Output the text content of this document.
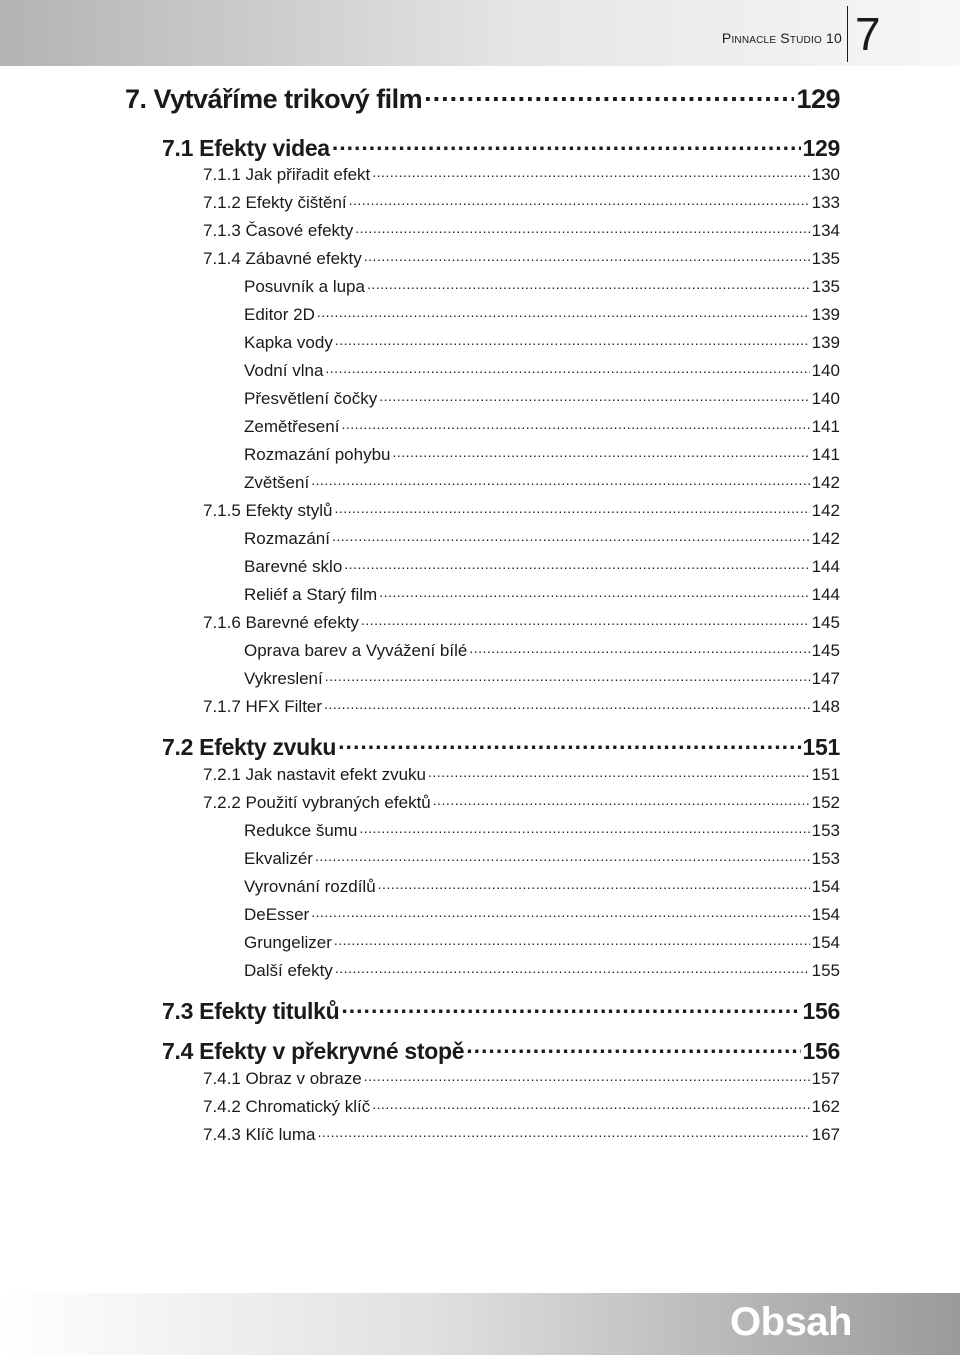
Pinnacle Studio 10 7
7. Vytváříme trikový film .....	129
7.1 Efekty videa .....	129
7.1.1 Jak přiřadit efekt .....	130
7.1.2 Efekty čištění .....	133
7.1.3 Časové efekty .....	134
7.1.4 Zábavné efekty .....	135
Posuvník a lupa .....	135
Editor 2D .....	139
Kapka vody .....	139
Vodní vlna .....	140
Přesvětlení čočky .....	140
Zemětřesení .....	141
Rozmazání pohybu .....	141
Zvětšení .....	142
7.1.5 Efekty stylů .....	142
Rozmazání .....	142
Barevné sklo .....	144
Reliéf a Starý film .....	144
7.1.6 Barevné efekty .....	145
Oprava barev a Vyvážení bílé .....	145
Vykreslení .....	147
7.1.7 HFX Filter .....	148
7.2 Efekty zvuku .....	151
7.2.1 Jak nastavit efekt zvuku .....	151
7.2.2 Použití vybraných efektů .....	152
Redukce šumu .....	153
Ekvalizér .....	153
Vyrovnání rozdílů .....	154
DeEsser .....	154
Grungelizer .....	154
Další efekty .....	155
7.3 Efekty titulků .....	156
7.4 Efekty v překryvné stopě .....	156
7.4.1 Obraz v obraze .....	157
7.4.2 Chromatický klíč .....	162
7.4.3 Klíč luma .....	167
Obsah
